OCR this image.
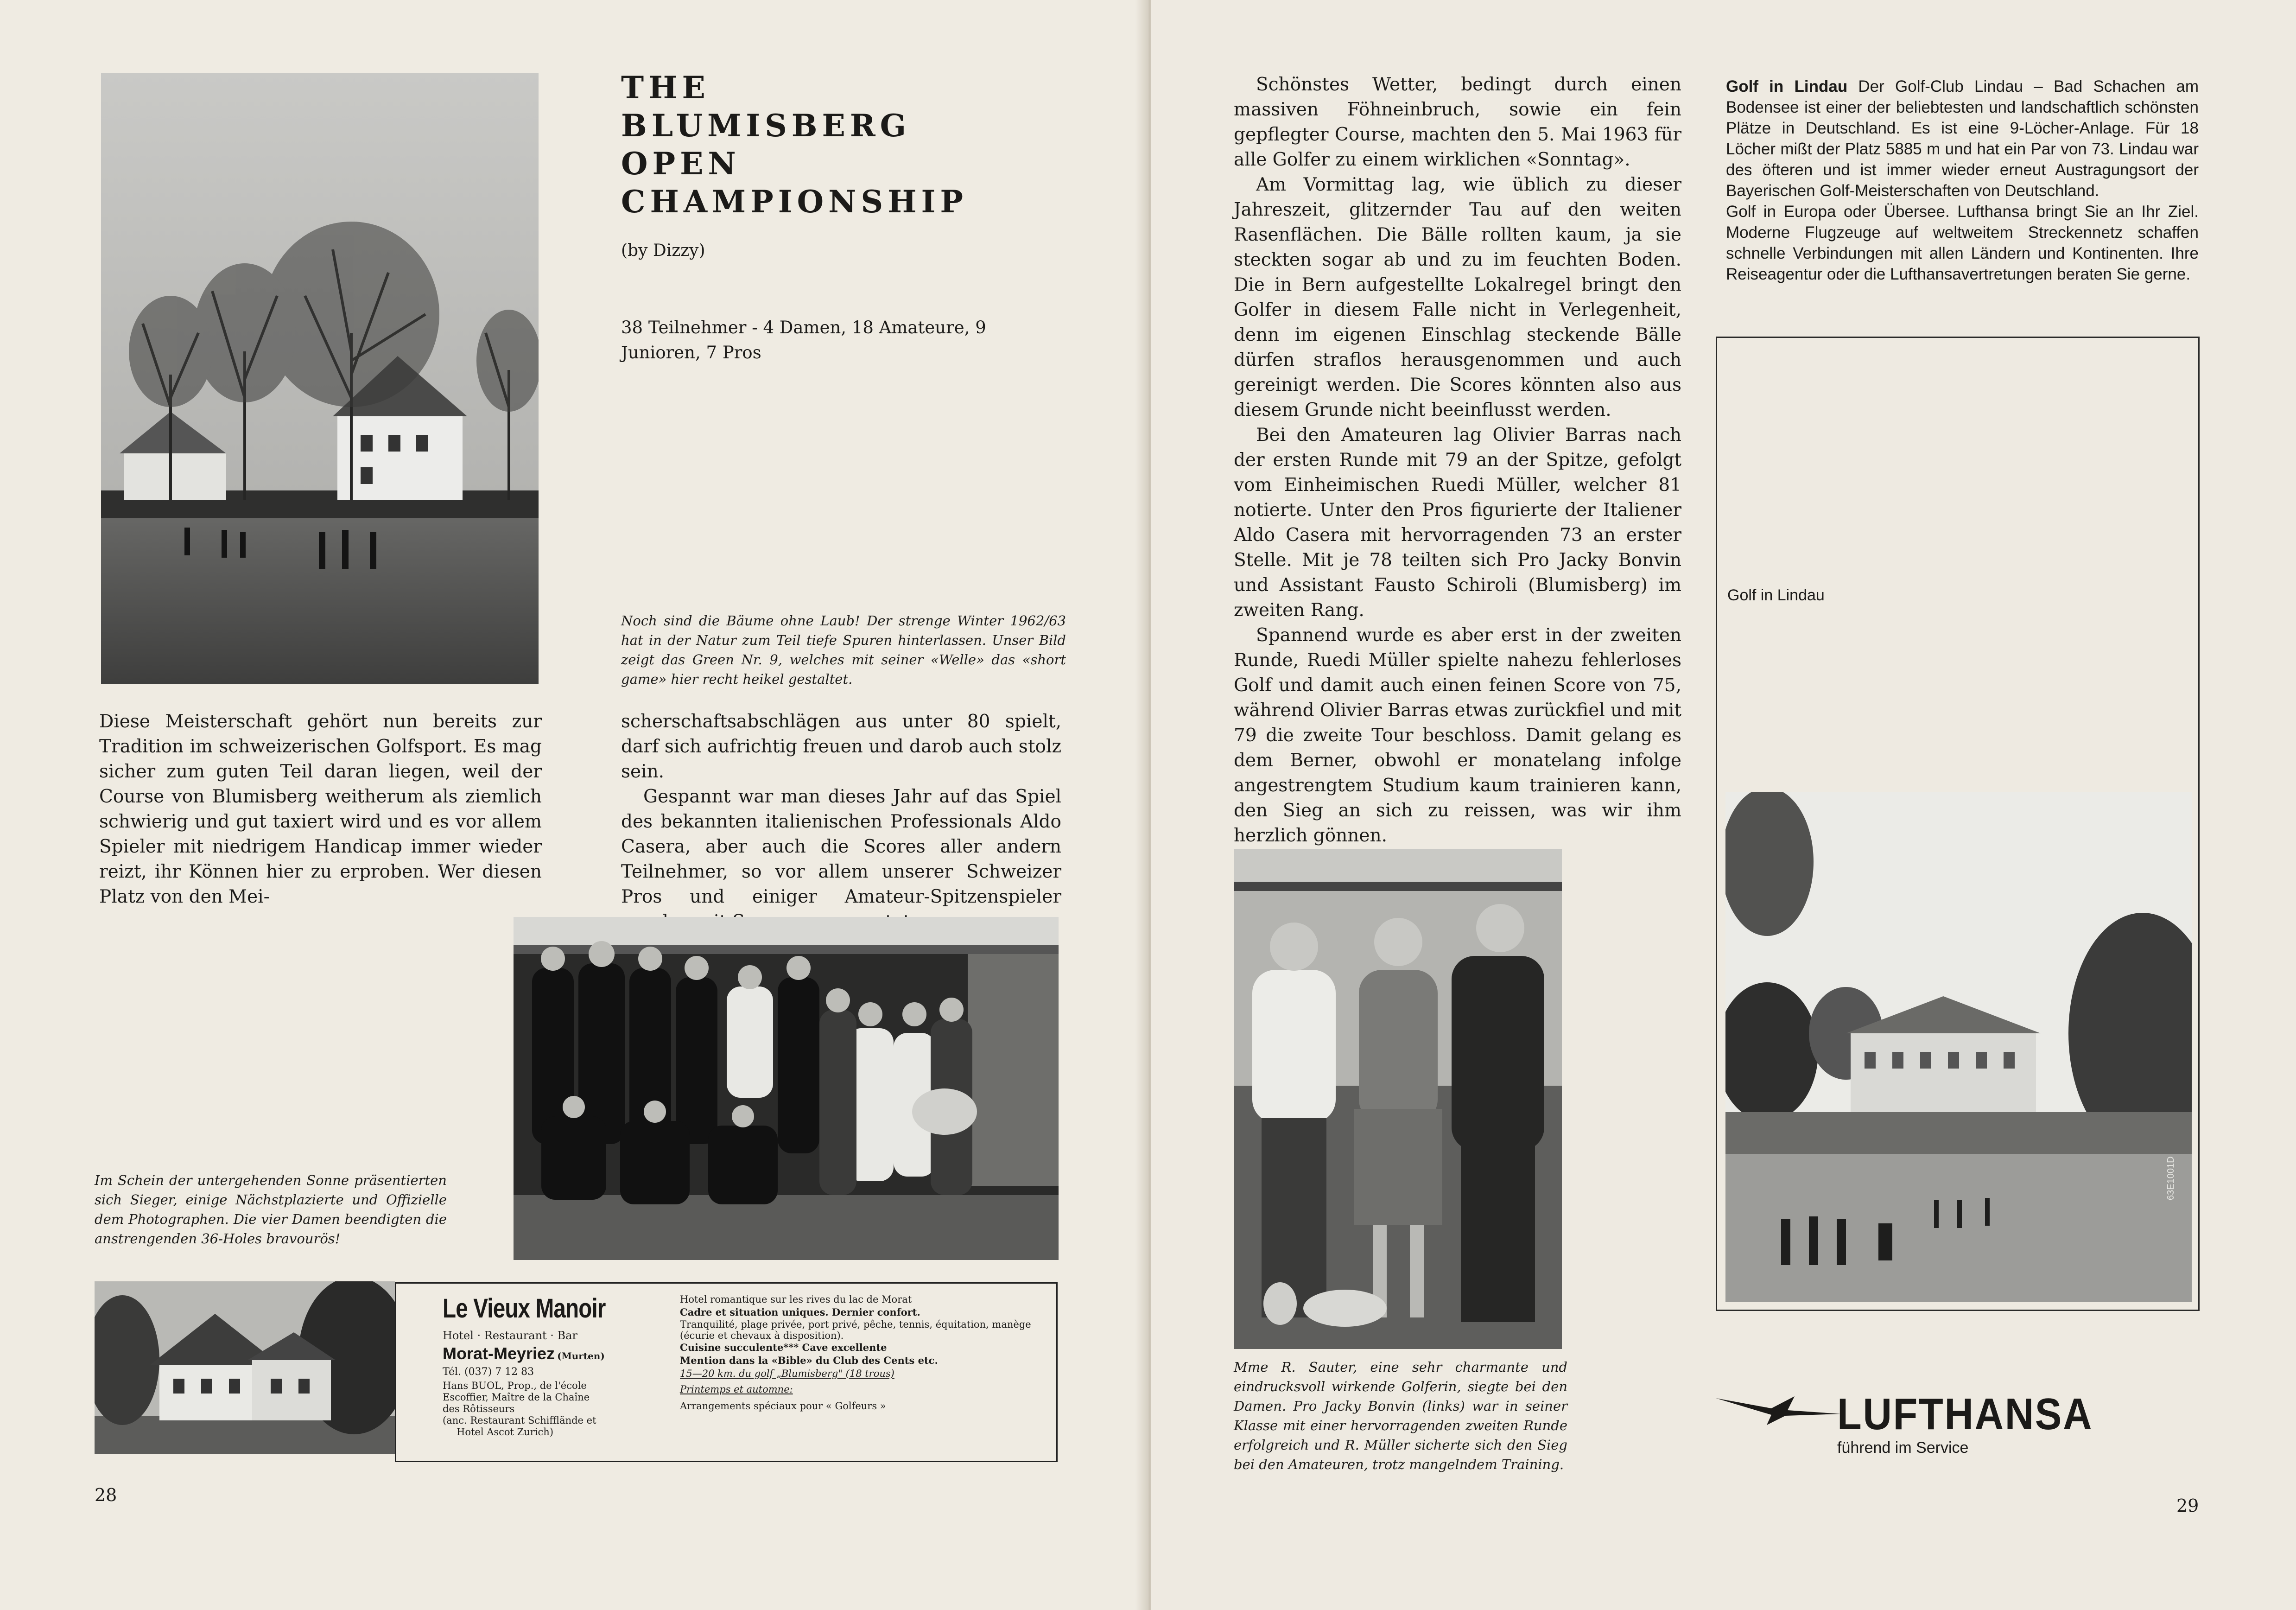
THE
BLUMISBERG
OPEN
CHAMPIONSHIP
(by Dizzy)
38 Teilnehmer - 4 Damen, 18 Amateure, 9 Junioren, 7 Pros
Noch sind die Bäume ohne Laub! Der strenge Winter 1962/63 hat in der Natur zum Teil tiefe Spuren hinterlassen. Unser Bild zeigt das Green Nr. 9, welches mit seiner «Welle» das «short game» hier recht heikel gestaltet.

Diese Meisterschaft gehört nun bereits zur Tradition im schweizerischen Golfsport. Es mag sicher zum guten Teil daran liegen, weil der Course von Blumisberg weitherum als ziemlich schwierig und gut taxiert wird und es vor allem Spieler mit niedrigem Handicap immer wieder reizt, ihr Können hier zu erproben. Wer diesen Platz von den Mei-

scherschaftsabschlägen aus unter 80 spielt, darf sich aufrichtig freuen und darob auch stolz sein.

Gespannt war man dieses Jahr auf das Spiel des bekannten italienischen Professionals Aldo Casera, aber auch die Scores aller andern Teilnehmer, so vor allem unserer Schweizer Pros und einiger Amateur-Spitzenspieler

Im Schein der untergehenden Sonne präsentierten sich Sieger, einige Nächstplazierte und Offizielle dem Photographen. Die vier Damen beendigten die anstrengenden 36-Holes bravourös!
Le Vieux Manoir
Hotel · Restaurant · Bar
Morat-Meyriez (Murten)
Tél. (037) 7 12 83
Hans BUOL, Prop., de l'école
Escoffier, Maître de la Chaîne
des Rôtisseurs
(anc. Restaurant Schifflände et
Hotel Ascot Zurich)
Hotel romantique sur les rives du lac de Morat
Cadre et situation uniques. Dernier confort.
Tranquilité, plage privée, port privé, pêche, tennis, équitation, manège (écurie et chevaux à disposition).
Cuisine succulente*** Cave excellente
Mention dans la «Bible» du Club des Cents etc.
15—20 km. du golf „Blumisberg" (18 trous)
Printemps et automne:
Arrangements spéciaux pour « Golfeurs »
28

Schönstes Wetter, bedingt durch einen massiven Föhneinbruch, sowie ein fein gepflegter Course, machten den 5. Mai 1963 für alle Golfer zu einem wirklichen «Sonntag».

Am Vormittag lag, wie üblich zu dieser Jahreszeit, glitzernder Tau auf den weiten Rasenflächen. Die Bälle rollten kaum, ja sie steckten sogar ab und zu im feuchten Boden. Die in Bern aufgestellte Lokalregel bringt den Golfer in diesem Falle nicht in Verlegenheit, denn im eigenen Einschlag steckende Bälle dürfen straflos herausgenommen und auch gereinigt werden. Die Scores könnten also aus diesem Grunde nicht beeinflusst werden.

Bei den Amateuren lag Olivier Barras nach der ersten Runde mit 79 an der Spitze, gefolgt vom Einheimischen Ruedi Müller, welcher 81 notierte. Unter den Pros figurierte der Italiener Aldo Casera mit hervorragenden 73 an erster Stelle. Mit je 78 teilten sich Pro Jacky Bonvin und Assistant Fausto Schiroli (Blumisberg) im zweiten Rang.

Spannend wurde es aber erst in der zweiten Runde, Ruedi Müller spielte nahezu fehlerloses Golf und damit auch einen feinen Score von 75, während Olivier Barras etwas zurückfiel und mit 79 die zweite Tour beschloss. Damit gelang es dem Berner, obwohl er monatelang infolge angestrengtem Studium kaum trainieren kann, den Sieg an sich zu reissen, was wir ihm herzlich gönnen.

Mme R. Sauter, eine sehr charmante und eindrucksvoll wirkende Golferin, siegte bei den Damen. Pro Jacky Bonvin (links) war in seiner Klasse mit einer hervorragenden zweiten Runde erfolgreich und R. Müller sicherte sich den Sieg bei den Amateuren, trotz mangelndem Training.
Golf in Lindau Der Golf-Club Lindau – Bad Schachen am Bodensee ist einer der beliebtesten und landschaftlich schönsten Plätze in Deutschland. Es ist eine 9-Löcher-Anlage. Für 18 Löcher mißt der Platz 5885 m und hat ein Par von 73. Lindau war des öfteren und ist immer wieder erneut Austragungsort der Bayerischen Golf-Meisterschaften von Deutschland.
Golf in Europa oder Übersee. Lufthansa bringt Sie an Ihr Ziel. Moderne Flugzeuge auf weltweitem Streckennetz schaffen schnelle Verbindungen mit allen Ländern und Kontinenten. Ihre Reiseagentur oder die Lufthansavertretungen beraten Sie gerne.
Golf in Lindau
63E1001D
LUFTHANSA
führend im Service
29
